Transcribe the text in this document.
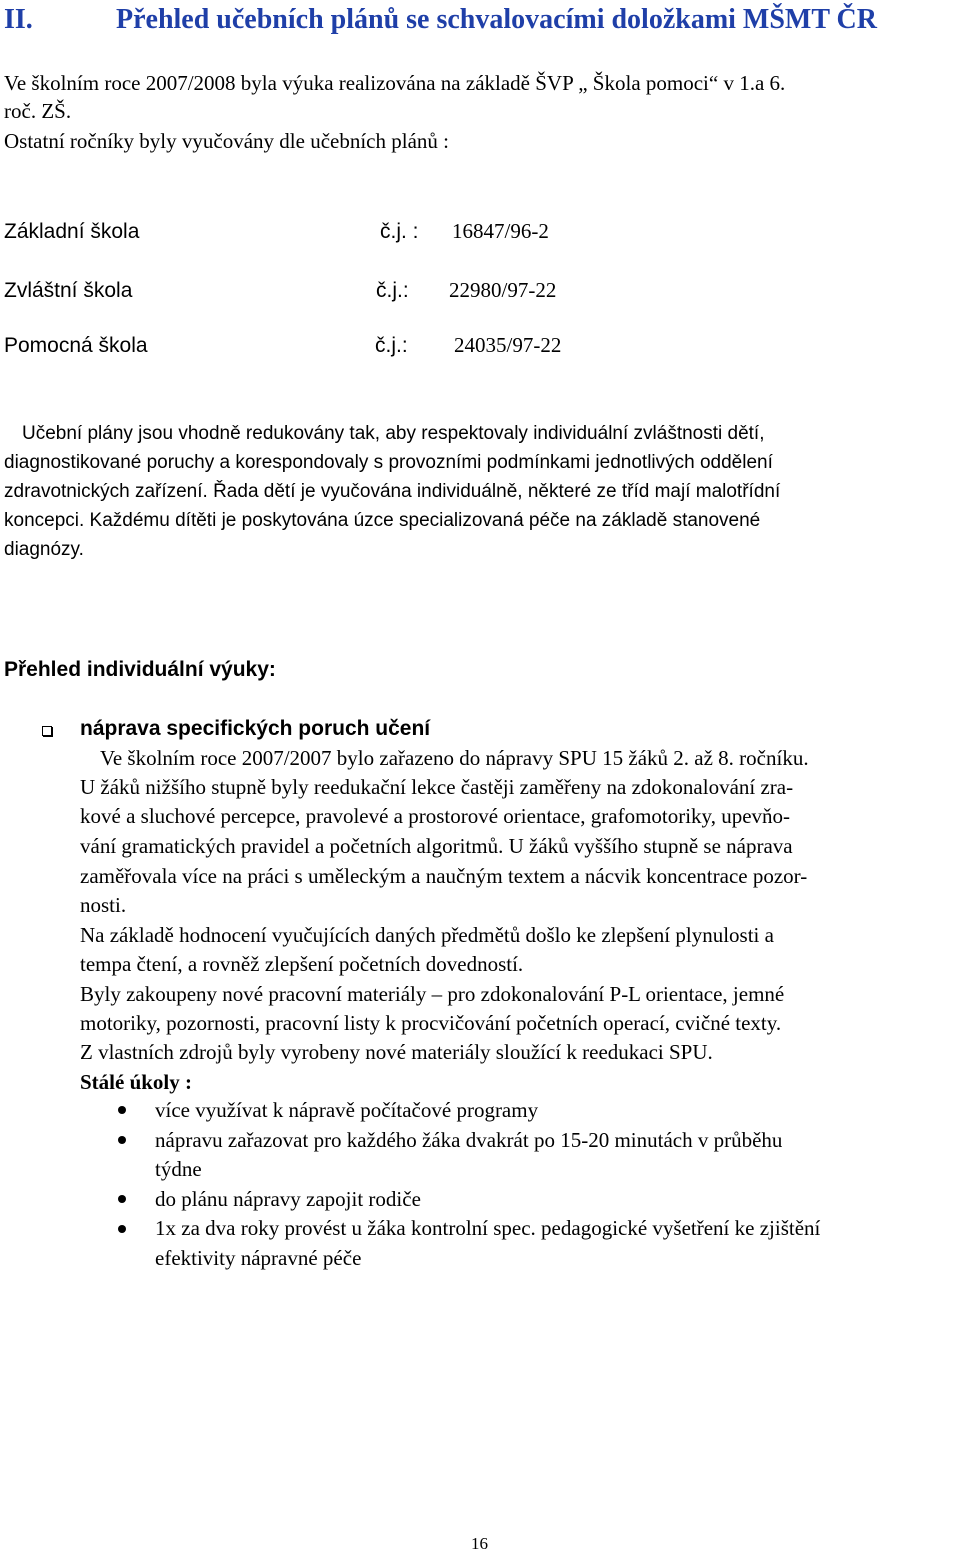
II.	Přehled učebních plánů se schvalovacími doložkami MŠMT ČR
Ve školním roce 2007/2008 byla výuka realizována na základě ŠVP „ Škola pomoci“ v 1.a 6.
roč. ZŠ.
Ostatní ročníky byly vyučovány dle učebních plánů :
Základní škola	č.j. : 16847/96-2
Zvláštní škola	č.j.: 22980/97-22
Pomocná škola	č.j.: 24035/97-22
Učební plány jsou vhodně redukovány tak, aby respektovaly individuální zvláštnosti dětí,
diagnostikované poruchy a korespondovaly s provozními podmínkami jednotlivých oddělení
zdravotnických zařízení. Řada dětí je vyučována individuálně, některé ze tříd mají malotřídní
koncepci. Každému dítěti je poskytována úzce specializovaná péče na základě stanovené
diagnózy.
Přehled individuální výuky:
náprava specifických poruch učení
Ve školním roce 2007/2007 bylo zařazeno do nápravy SPU 15 žáků 2. až 8. ročníku.
U žáků nižšího stupně byly reedukační lekce častěji zaměřeny na zdokonalování zra-
kové a sluchové percepce, pravolevé a prostorové orientace, grafomotoriky, upevňo-
vání gramatických pravidel a početních algoritmů. U žáků vyššího stupně se náprava
zaměřovala více na práci s uměleckým a naučným textem a nácvik koncentrace pozor-
nosti.
Na základě hodnocení vyučujících daných předmětů došlo ke zlepšení plynulosti a
tempa čtení, a rovněž zlepšení početních dovedností.
Byly zakoupeny nové pracovní materiály – pro zdokonalování P-L orientace, jemné
motoriky, pozornosti, pracovní listy k procvičování početních operací, cvičné texty.
Z vlastních zdrojů byly vyrobeny nové materiály sloužící k reedukaci SPU.
Stálé úkoly :
více využívat k nápravě počítačové programy
nápravu zařazovat pro každého žáka dvakrát po 15-20 minutách v průběhu
týdne
do plánu nápravy zapojit rodiče
1x za dva roky provést u žáka kontrolní spec. pedagogické vyšetření ke zjištění
efektivity nápravné péče
16
